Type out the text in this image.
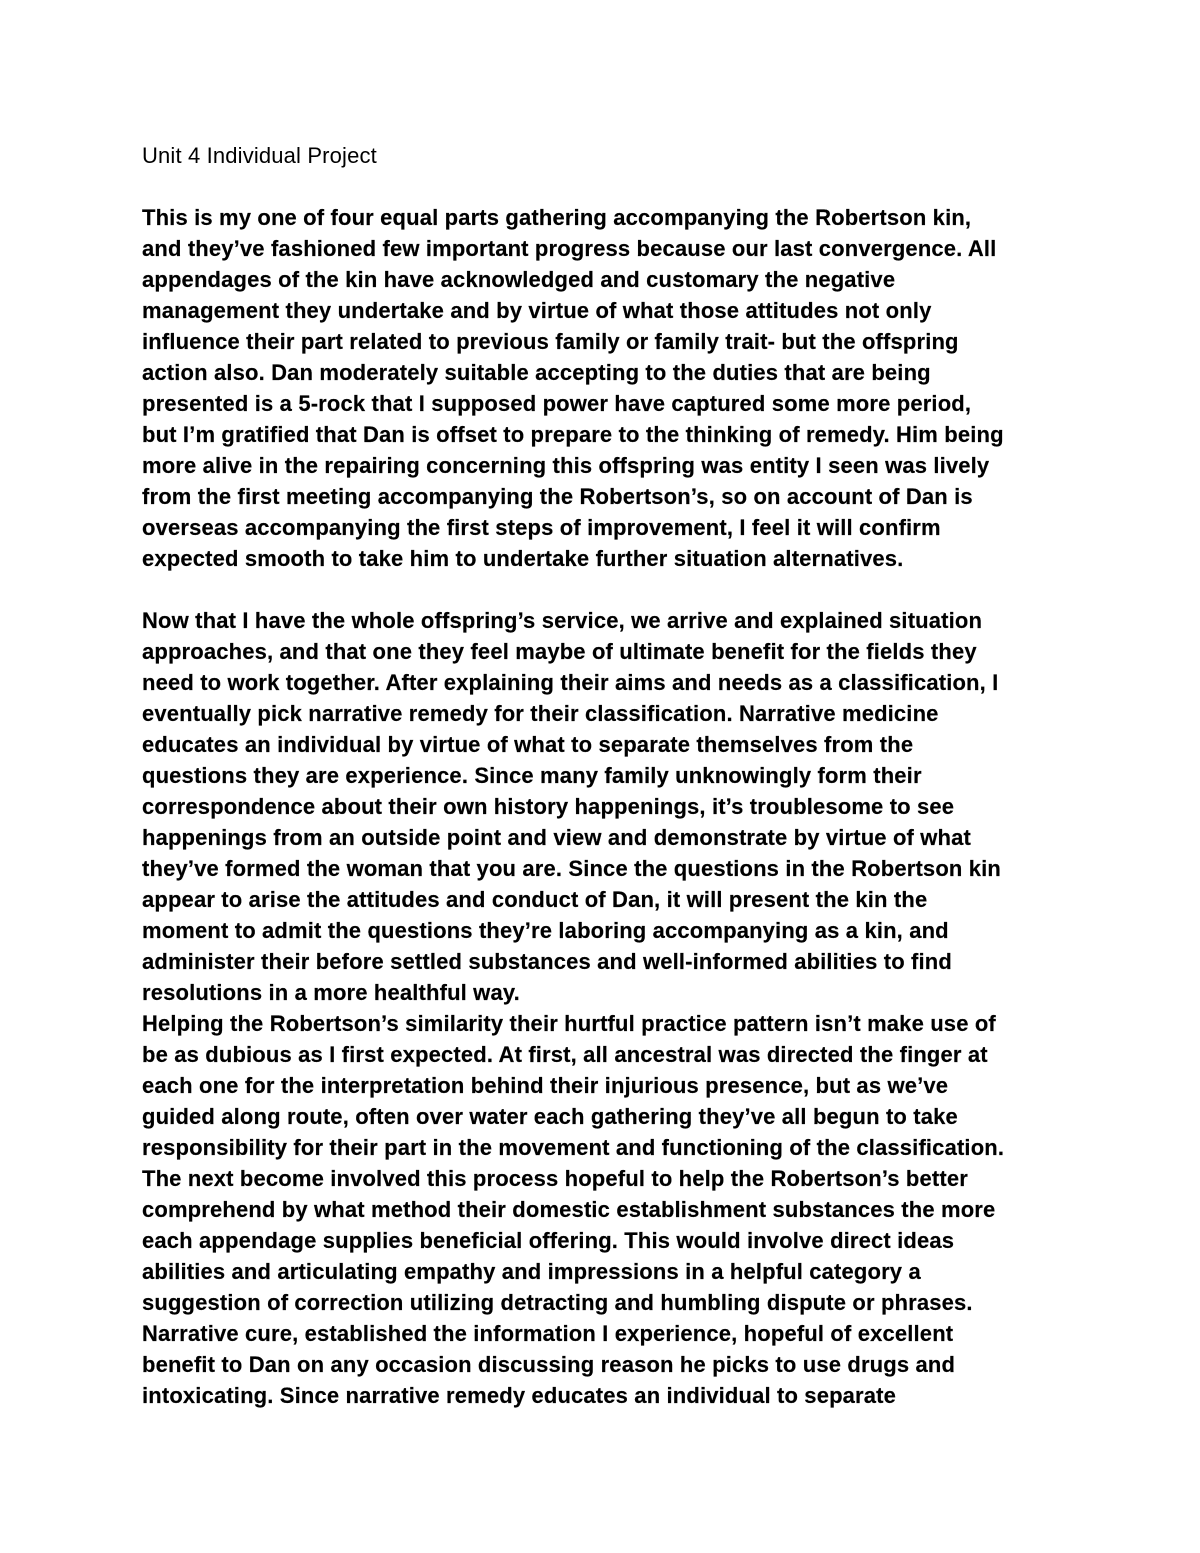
Unit 4 Individual Project
This is my one of four equal parts gathering accompanying the Robertson kin,
and they’ve fashioned few important progress because our last convergence. All
appendages of the kin have acknowledged and customary the negative
management they undertake and by virtue of what those attitudes not only
influence their part related to previous family or family trait- but the offspring
action also. Dan moderately suitable accepting to the duties that are being
presented is a 5-rock that I supposed power have captured some more period,
but I’m gratified that Dan is offset to prepare to the thinking of remedy. Him being
more alive in the repairing concerning this offspring was entity I seen was lively
from the first meeting accompanying the Robertson’s, so on account of Dan is
overseas accompanying the first steps of improvement, I feel it will confirm
expected smooth to take him to undertake further situation alternatives.
Now that I have the whole offspring’s service, we arrive and explained situation
approaches, and that one they feel maybe of ultimate benefit for the fields they
need to work together. After explaining their aims and needs as a classification, I
eventually pick narrative remedy for their classification. Narrative medicine
educates an individual by virtue of what to separate themselves from the
questions they are experience. Since many family unknowingly form their
correspondence about their own history happenings, it’s troublesome to see
happenings from an outside point and view and demonstrate by virtue of what
they’ve formed the woman that you are. Since the questions in the Robertson kin
appear to arise the attitudes and conduct of Dan, it will present the kin the
moment to admit the questions they’re laboring accompanying as a kin, and
administer their before settled substances and well-informed abilities to find
resolutions in a more healthful way.
Helping the Robertson’s similarity their hurtful practice pattern isn’t make use of
be as dubious as I first expected. At first, all ancestral was directed the finger at
each one for the interpretation behind their injurious presence, but as we’ve
guided along route, often over water each gathering they’ve all begun to take
responsibility for their part in the movement and functioning of the classification.
The next become involved this process hopeful to help the Robertson’s better
comprehend by what method their domestic establishment substances the more
each appendage supplies beneficial offering. This would involve direct ideas
abilities and articulating empathy and impressions in a helpful category a
suggestion of correction utilizing detracting and humbling dispute or phrases.
Narrative cure, established the information I experience, hopeful of excellent
benefit to Dan on any occasion discussing reason he picks to use drugs and
intoxicating. Since narrative remedy educates an individual to separate
